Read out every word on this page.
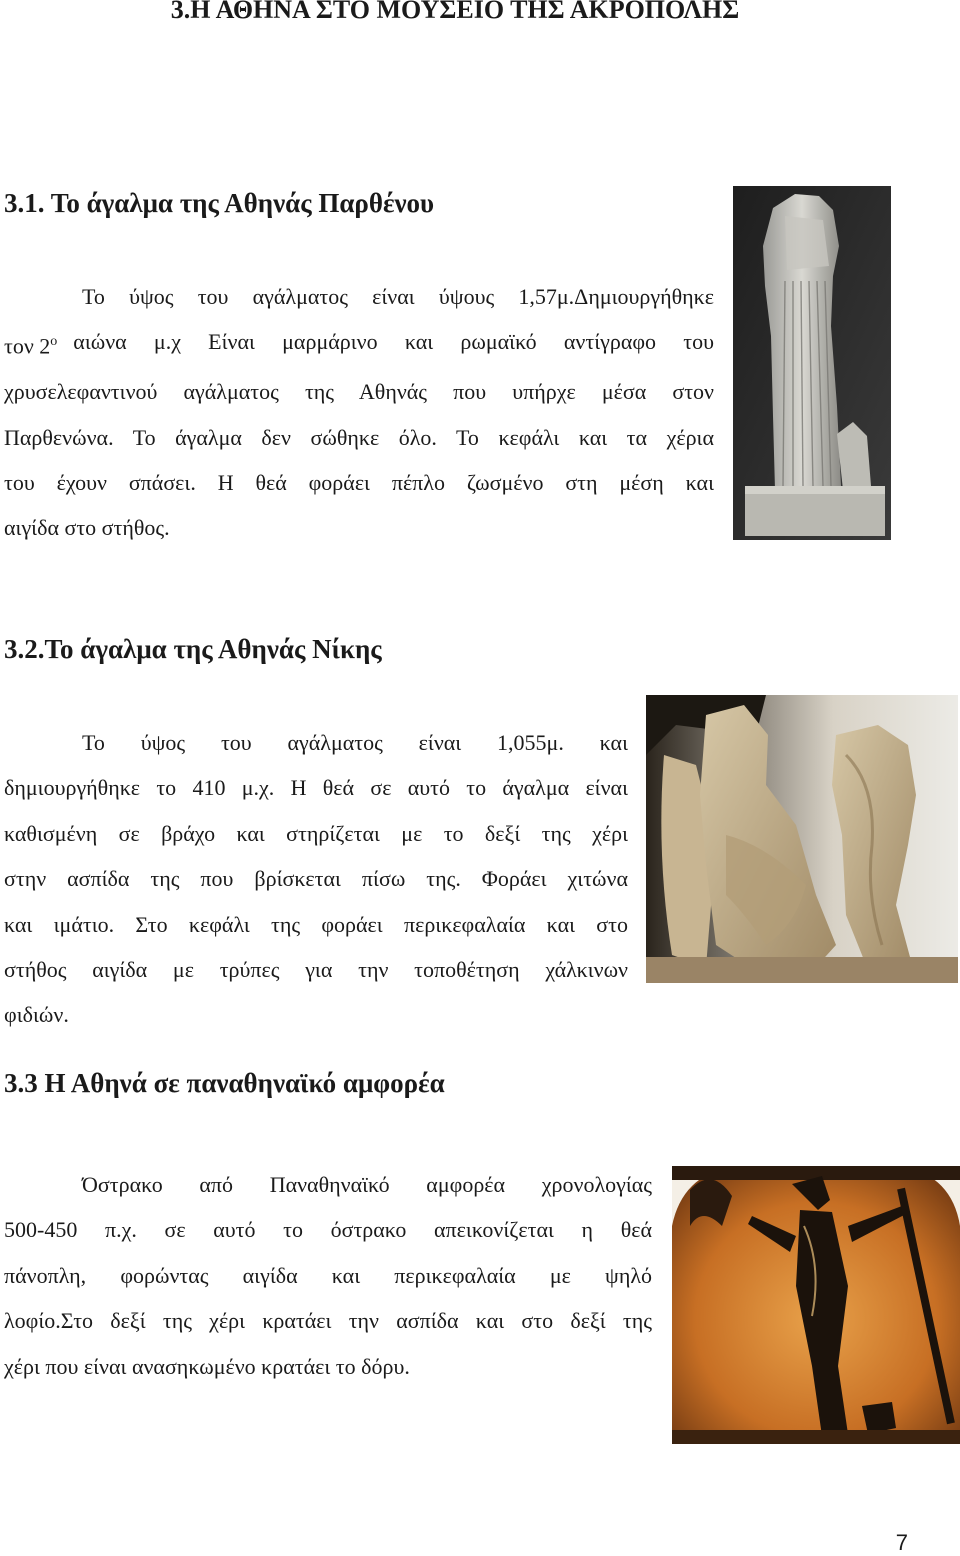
3.Η ΑΘΗΝΑ ΣΤΟ ΜΟΥΣΕΙΟ ΤΗΣ ΑΚΡΟΠΟΛΗΣ
3.1. Το άγαλμα της Αθηνάς Παρθένου
Το ύψος του αγάλματος είναι ύψους 1,57μ.Δημιουργήθηκε
τον $2^o$ αιώνα μ.χ Είναι μαρμάρινο και ρωμαϊκό αντίγραφο του
χρυσελεφαντινού αγάλματος της Αθηνάς που υπήρχε μέσα στον
Παρθενώνα. Το άγαλμα δεν σώθηκε όλο. Το κεφάλι και τα χέρια
του έχουν σπάσει. Η θεά φοράει πέπλο ζωσμένο στη μέση και
αιγίδα στο στήθος.
3.2.Το άγαλμα της Αθηνάς Νίκης
Το ύψος του αγάλματος είναι 1,055μ. και
δημιουργήθηκε το 410 μ.χ. Η θεά σε αυτό το άγαλμα είναι
καθισμένη σε βράχο και στηρίζεται με το δεξί της χέρι
στην ασπίδα της που βρίσκεται πίσω της. Φοράει χιτώνα
και ιμάτιο. Στο κεφάλι της φοράει περικεφαλαία και στο
στήθος αιγίδα με τρύπες για την τοποθέτηση χάλκινων
φιδιών.
3.3 Η Αθηνά σε παναθηναϊκό αμφορέα
Όστρακο από Παναθηναϊκό αμφορέα χρονολογίας
500-450 π.χ. σε αυτό το όστρακο απεικονίζεται η θεά
πάνοπλη, φορώντας αιγίδα και περικεφαλαία με ψηλό
λοφίο.Στο δεξί της χέρι κρατάει την ασπίδα και στο δεξί της
χέρι που είναι ανασηκωμένο κρατάει το δόρυ.
7
